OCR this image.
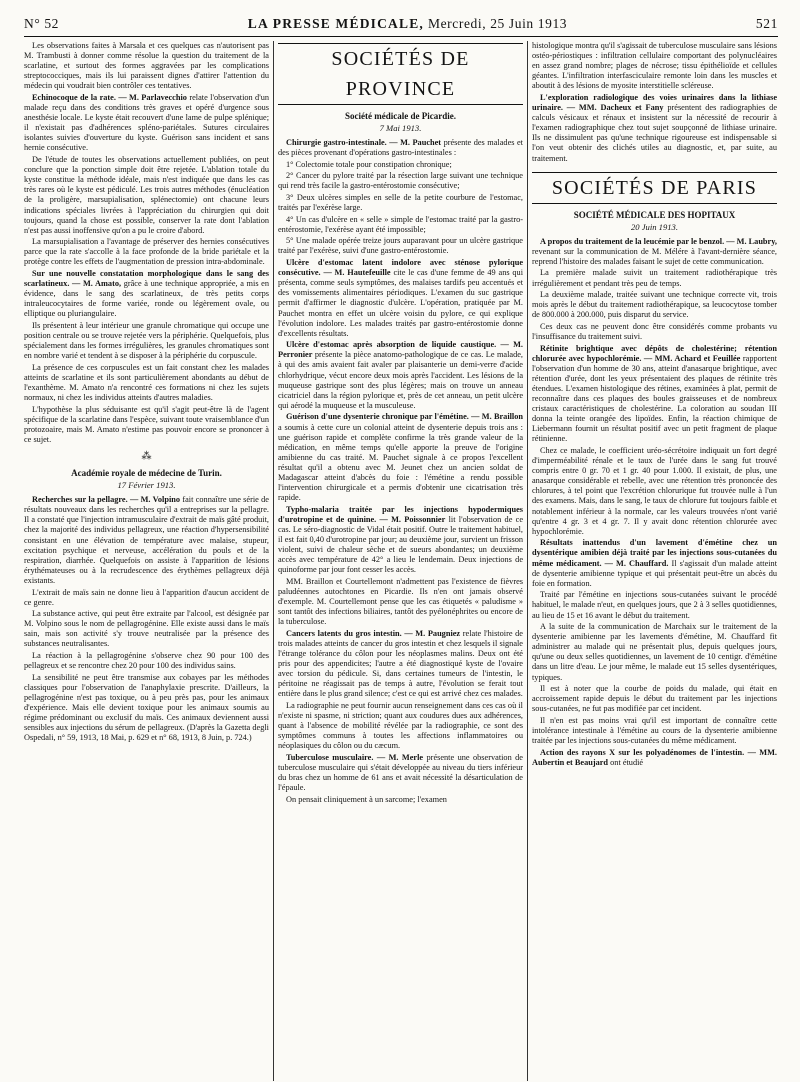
N° 52	LA PRESSE MÉDICALE, Mercredi, 25 Juin 1913	521

Les observations faites à Marsala et ces quelques cas n'autorisent pas M. Trambusti à donner comme résolue la question du traitement de la scarlatine, et surtout des formes aggravées par les complications streptococciques, mais ils lui paraissent dignes d'attirer l'attention du médecin qui voudrait bien contrôler ces tentatives.

Echinocoque de la rate. — M. Parlavecchio relate l'observation d'un malade reçu dans des conditions très graves et opéré d'urgence sous anesthésie locale. Le kyste était recouvert d'une lame de pulpe splénique; il n'existait pas d'adhérences spléno-pariétales. Sutures circulaires isolantes suivies d'ouverture du kyste. Guérison sans incident et sans hernie consécutive.

De l'étude de toutes les observations actuellement publiées, on peut conclure que la ponction simple doit être rejetée. L'ablation totale du kyste constitue la méthode idéale, mais n'est indiquée que dans les cas très rares où le kyste est pédiculé. Les trois autres méthodes (énucléation de la proligère, marsupialisation, splénectomie) ont chacune leurs indications spéciales livrées à l'appréciation du chirurgien qui doit toujours, quand la chose est possible, conserver la rate dont l'ablation n'est pas aussi inoffensive qu'on a pu le croire d'abord.

La marsupialisation a l'avantage de préserver des hernies consécutives parce que la rate s'accolle à la face profonde de la bride pariétale et la protège contre les effets de l'augmentation de pression intra-abdominale.

Sur une nouvelle constatation morphologique dans le sang des scarlatineux. — M. Amato, grâce à une technique appropriée, a mis en évidence, dans le sang des scarlatineux, de très petits corps intraleucocytaires de forme variée, ronde ou légèrement ovale, ou elliptique ou pluriangulaire.

Ils présentent à leur intérieur une granule chromatique qui occupe une position centrale ou se trouve rejetée vers la périphérie. Quelquefois, plus spécialement dans les formes irrégulières, les granules chromatiques sont en nombre varié et tendent à se disposer à la périphérie du corpuscule.

La présence de ces corpuscules est un fait constant chez les malades atteints de scarlatine et ils sont particulièrement abondants au début de l'exanthème. M. Amato n'a rencontré ces formations ni chez les sujets normaux, ni chez les individus atteints d'autres maladies.

L'hypothèse la plus séduisante est qu'il s'agit peut-être là de l'agent spécifique de la scarlatine dans l'espèce, suivant toute vraisemblance d'un protozoaire, mais M. Amato n'estime pas pouvoir encore se prononcer à ce sujet.

⁂
Académie royale de médecine de Turin.
17 Février 1913.

Recherches sur la pellagre. — M. Volpino fait connaître une série de résultats nouveaux dans les recherches qu'il a entreprises sur la pellagre. Il a constaté que l'injection intramusculaire d'extrait de maïs gâté produit, chez la majorité des individus pellagreux, une réaction d'hypersensibilité consistant en une élévation de température avec malaise, stupeur, excitation psychique et nerveuse, accélération du pouls et de la respiration, diarrhée. Quelquefois on assiste à l'apparition de lésions érythémateuses ou à la recrudescence des érythèmes pellagreux déjà existants.

L'extrait de maïs sain ne donne lieu à l'apparition d'aucun accident de ce genre.

La substance active, qui peut être extraite par l'alcool, est désignée par M. Volpino sous le nom de pellagrogénine. Elle existe aussi dans le maïs sain, mais son activité s'y trouve neutralisée par la présence des substances neutralisantes.

La réaction à la pellagrogénine s'observe chez 90 pour 100 des pellagreux et se rencontre chez 20 pour 100 des individus sains.

La sensibilité ne peut être transmise aux cobayes par les méthodes classiques pour l'observation de l'anaphylaxie prescrite. D'ailleurs, la pellagrogénine n'est pas toxique, ou à peu près pas, pour les animaux d'expérience. Mais elle devient toxique pour les animaux soumis au régime prédominant ou exclusif du maïs. Ces animaux deviennent aussi sensibles aux injections du sérum de pellagreux. (D'après la Gazetta degli Ospedali, n° 59, 1913, 18 Mai, p. 629 et n° 68, 1913, 8 Juin, p. 724.)

SOCIÉTÉS DE PROVINCE
Société médicale de Picardie.
7 Mai 1913.

Chirurgie gastro-intestinale. — M. Pauchet présente des malades et des pièces provenant d'opérations gastro-intestinales :

1° Colectomie totale pour constipation chronique;

2° Cancer du pylore traité par la résection large suivant une technique qui rend très facile la gastro-entérostomie consécutive;

3° Deux ulcères simples en selle de la petite courbure de l'estomac, traités par l'exérèse large.

4° Un cas d'ulcère en « selle » simple de l'estomac traité par la gastro-entérostomie, l'exérèse ayant été impossible;

5° Une malade opérée treize jours auparavant pour un ulcère gastrique traité par l'exérèse, suivi d'une gastro-entérostomie.

Ulcère d'estomac latent indolore avec sténose pylorique consécutive. — M. Hautefeuille cite le cas d'une femme de 49 ans qui présenta, comme seuls symptômes, des malaises tardifs peu accentués et des vomissements alimentaires périodiques. L'examen du suc gastrique permit d'affirmer le diagnostic d'ulcère. L'opération, pratiquée par M. Pauchet montra en effet un ulcère voisin du pylore, ce qui explique l'évolution indolore. Les malades traités par gastro-entérostomie donne d'excellents résultats.

Ulcère d'estomac après absorption de liquide caustique. — M. Perronier présente la pièce anatomo-pathologique de ce cas. Le malade, à qui des amis avaient fait avaler par plaisanterie un demi-verre d'acide chlorhydrique, vécut encore deux mois après l'accident. Les lésions de la muqueuse gastrique sont des plus légères; mais on trouve un anneau cicatriciel dans la région pylorique et, près de cet anneau, un petit ulcère qui aérodé la muqueuse et la musculeuse.

Guérison d'une dysenterie chronique par l'émétine. — M. Braillon a soumis à cette cure un colonial atteint de dysenterie depuis trois ans : une guérison rapide et complète confirme la très grande valeur de la médication, en même temps qu'elle apporte la preuve de l'origine amibienne du cas traité. M. Pauchet signale à ce propos l'excellent résultat qu'il a obtenu avec M. Jeunet chez un ancien soldat de Madagascar atteint d'abcès du foie : l'émétine a rendu possible l'intervention chirurgicale et a permis d'obtenir une cicatrisation très rapide.

Typho-malaria traitée par les injections hypodermiques d'urotropine et de quinine. — M. Poissonnier lit l'observation de ce cas. Le séro-diagnostic de Vidal était positif. Outre le traitement habituel, il est fait 0,40 d'urotropine par jour; au deuxième jour, survient un frisson violent, suivi de chaleur sèche et de sueurs abondantes; un deuxième accès avec température de 42° a lieu le lendemain. Deux injections de quinoforme par jour font cesser les accès.

MM. Braillon et Courtellemont n'admettent pas l'existence de fièvres paludéennes autochtones en Picardie. Ils n'en ont jamais observé d'exemple. M. Courtellemont pense que les cas étiquetés « paludisme » sont tantôt des infections biliaires, tantôt des pyélonéphrites ou encore de la tuberculose.

Cancers latents du gros intestin. — M. Paugniez relate l'histoire de trois malades atteints de cancer du gros intestin et chez lesquels il signale l'étrange tolérance du côlon pour les néoplasmes malins. Deux ont été pris pour des appendicites; l'autre a été diagnostiqué kyste de l'ovaire avec torsion du pédicule. Si, dans certaines tumeurs de l'intestin, le péritoine ne réagissait pas de temps à autre, l'évolution se ferait tout entière dans le plus grand silence; c'est ce qui est arrivé chez ces malades.

La radiographie ne peut fournir aucun renseignement dans ces cas où il n'existe ni spasme, ni striction; quant aux coudures dues aux adhérences, quant à l'absence de mobilité révélée par la radiographie, ce sont des symptômes communs à toutes les affections inflammatoires ou néoplasiques du côlon ou du cæcum.

Tuberculose musculaire. — M. Merle présente une observation de tuberculose musculaire qui s'était développée au niveau du tiers inférieur du bras chez un homme de 61 ans et avait nécessité la désarticulation de l'épaule.

On pensait cliniquement à un sarcome; l'examen

histologique montra qu'il s'agissait de tuberculose musculaire sans lésions ostéo-périostiques : infiltration cellulaire comportant des polynucléaires en assez grand nombre; plages de nécrose; tissu épithélioïde et cellules géantes. L'infiltration interfasciculaire remonte loin dans les muscles et aboutit à des lésions de myosite interstitielle scléreuse.

L'exploration radiologique des voies urinaires dans la lithiase urinaire. — MM. Dacheux et Fany présentent des radiographies de calculs vésicaux et rénaux et insistent sur la nécessité de recourir à l'examen radiographique chez tout sujet soupçonné de lithiase urinaire. Ils ne dissimulent pas qu'une technique rigoureuse est indispensable si l'on veut obtenir des clichés utiles au diagnostic, et, par suite, au traitement.

SOCIÉTÉS DE PARIS
SOCIÉTÉ MÉDICALE DES HOPITAUX
20 Juin 1913.

A propos du traitement de la leucémie par le benzol. — M. Laubry, revenant sur la communication de M. Mélére à l'avant-dernière séance, reprend l'histoire des malades faisant le sujet de cette communication.

La première malade suivit un traitement radiothérapique très irrégulièrement et pendant très peu de temps.

La deuxième malade, traitée suivant une technique correcte vit, trois mois après le début du traitement radiothérapique, sa leucocytose tomber de 800.000 à 200.000, puis disparut du service.

Ces deux cas ne peuvent donc être considérés comme probants vu l'insuffisance du traitement suivi.

Rétinite brightique avec dépôts de cholestérine; rétention chlorurée avec hypochlorémie. — MM. Achard et Feuillée rapportent l'observation d'un homme de 30 ans, atteint d'anasarque brightique, avec rétention d'urée, dont les yeux présentaient des plaques de rétinite très étendues. L'examen histologique des rétines, examinées à plat, permit de reconnaître dans ces plaques des boules graisseuses et de nombreux cristaux caractéristiques de cholestérine. La coloration au soudan III donna la teinte orangée des lipoïdes. Enfin, la réaction chimique de Liebermann fournit un résultat positif avec un petit fragment de plaque rétinienne.

Chez ce malade, le coefficient uréo-sécrétoire indiquait un fort degré d'imperméabilité rénale et le taux de l'urée dans le sang fut trouvé compris entre 0 gr. 70 et 1 gr. 40 pour 1.000. Il existait, de plus, une anasarque considérable et rebelle, avec une rétention très prononcée des chlorures, à tel point que l'excrétion chlorurique fut trouvée nulle à l'un des examens. Mais, dans le sang, le taux de chlorure fut toujours faible et notablement inférieur à la normale, car les valeurs trouvées n'ont varié qu'entre 4 gr. 3 et 4 gr. 7. Il y avait donc rétention chlorurée avec hypochlorémie.

Résultats inattendus d'un lavement d'émétine chez un dysentérique amibien déjà traité par les injections sous-cutanées du même médicament. — M. Chauffard. Il s'agissait d'un malade atteint de dysenterie amibienne typique et qui présentait peut-être un abcès du foie en formation.

Traité par l'émétine en injections sous-cutanées suivant le procédé habituel, le malade n'eut, en quelques jours, que 2 à 3 selles quotidiennes, au lieu de 15 et 16 avant le début du traitement.

A la suite de la communication de Marchaix sur le traitement de la dysenterie amibienne par les lavements d'émétine, M. Chauffard fit administrer au malade qui ne présentait plus, depuis quelques jours, qu'une ou deux selles quotidiennes, un lavement de 10 centigr. d'émétine dans un litre d'eau. Le jour même, le malade eut 15 selles dysentériques, typiques.

Il est à noter que la courbe de poids du malade, qui était en accroissement rapide depuis le début du traitement par les injections sous-cutanées, ne fut pas modifiée par cet incident.

Il n'en est pas moins vrai qu'il est important de connaître cette intolérance intestinale à l'émétine au cours de la dysenterie amibienne traitée par les injections sous-cutanées du même médicament.

Action des rayons X sur les polyadénomes de l'intestin. — MM. Aubertin et Beaujard ont étudié
